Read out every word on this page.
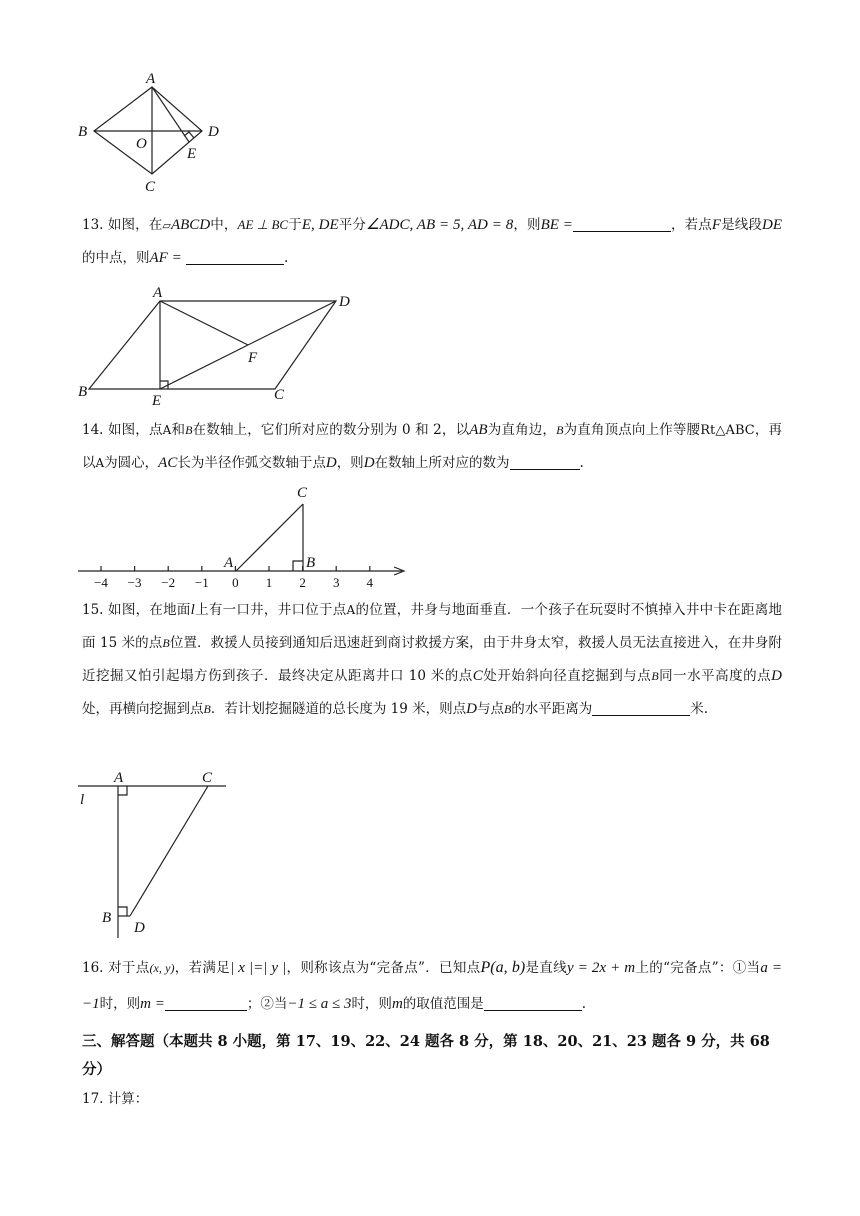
A
B
C
D
O
E

13. 如图，在▱ABCD中，AE ⊥ BC于E, DE平分∠ADC, AB = 5, AD = 8，则BE =	，若点F是线段DE的中点，则AF =	.

A
D
F
B
E	C

14. 如图，点A和B在数轴上，它们所对应的数分别为 0 和 2，以AB为直角边，B为直角顶点向上作等腰Rt△ABC，再以A为圆心，AC长为半径作弧交数轴于点D，则D在数轴上所对应的数为	.

−4 −3 −2 −1 0 1 2 3 4
A	B
C

15. 如图，在地面l上有一口井，井口位于点A的位置，井身与地面垂直．一个孩子在玩耍时不慎掉入井中卡在距离地面 15 米的点B位置．救援人员接到通知后迅速赶到商讨救援方案，由于井身太窄，救援人员无法直接进入，在井身附近挖掘又怕引起塌方伤到孩子．最终决定从距离井口 10 米的点C处开始斜向径直挖掘到与点B同一水平高度的点D处，再横向挖掘到点B．若计划挖掘隧道的总长度为 19 米，则点D与点B的水平距离为	米.

A	C
l
B
D

16. 对于点(x, y)，若满足| x |=| y |，则称该点为“完备点”．已知点P(a, b)是直线y = 2x + m上的“完备点”：①当a = −1时，则m =	；②当−1 ≤ a ≤ 3时，则m的取值范围是	.

三、解答题（本题共 8 小题，第 17、19、22、24 题各 8 分，第 18、20、21、23 题各 9 分，共 68 分）

17. 计算：
